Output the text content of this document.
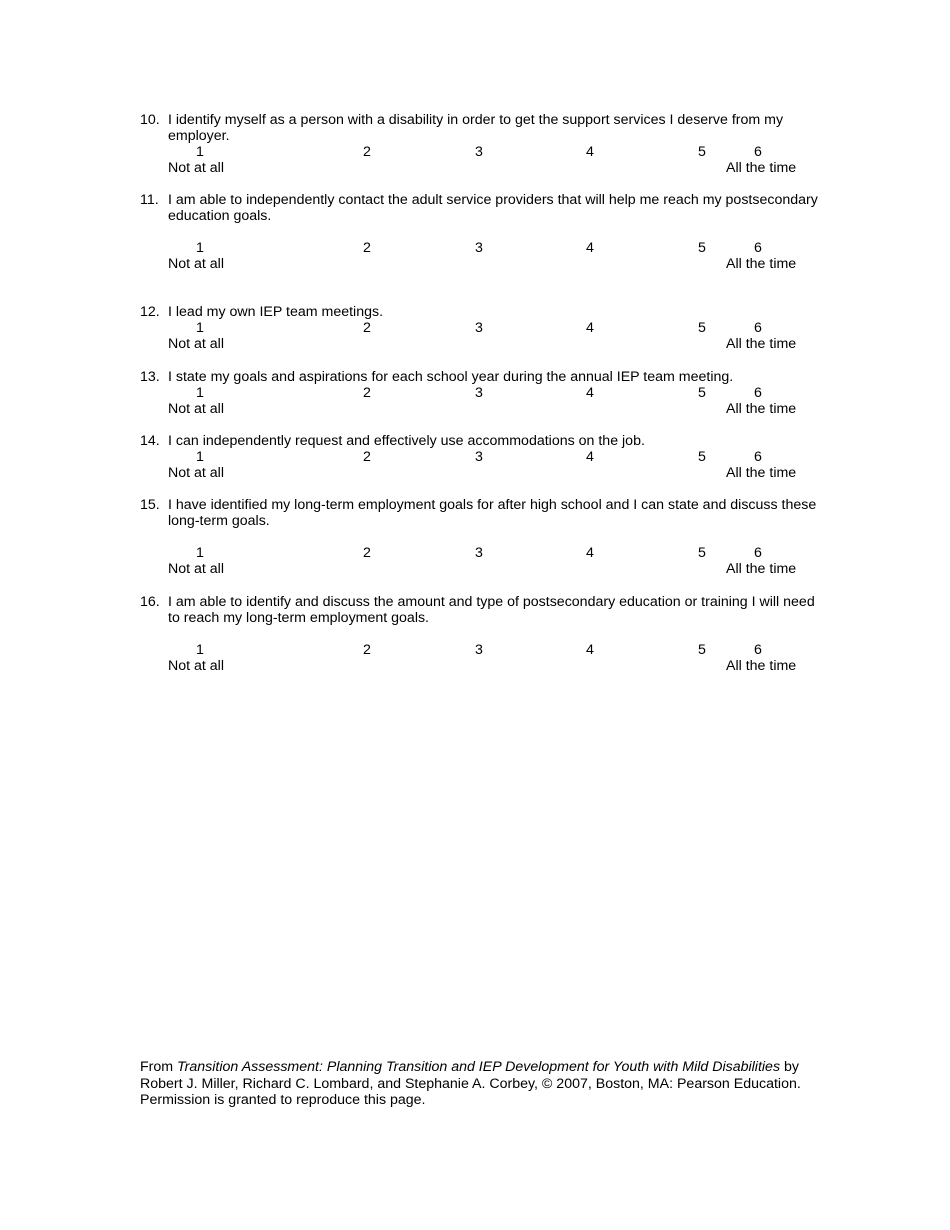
10. I identify myself as a person with a disability in order to get the support services I deserve from my employer.
1	2	3	4	5	6
Not at all	All the time
11. I am able to independently contact the adult service providers that will help me reach my postsecondary education goals.
1	2	3	4	5	6
Not at all	All the time
12. I lead my own IEP team meetings.
1	2	3	4	5	6
Not at all	All the time
13. I state my goals and aspirations for each school year during the annual IEP team meeting.
1	2	3	4	5	6
Not at all	All the time
14. I can independently request and effectively use accommodations on the job.
1	2	3	4	5	6
Not at all	All the time
15. I have identified my long-term employment goals for after high school and I can state and discuss these long-term goals.
1	2	3	4	5	6
Not at all	All the time
16. I am able to identify and discuss the amount and type of postsecondary education or training I will need to reach my long-term employment goals.
1	2	3	4	5	6
Not at all	All the time
From Transition Assessment: Planning Transition and IEP Development for Youth with Mild Disabilities by Robert J. Miller, Richard C. Lombard, and Stephanie A. Corbey, © 2007, Boston, MA: Pearson Education. Permission is granted to reproduce this page.
